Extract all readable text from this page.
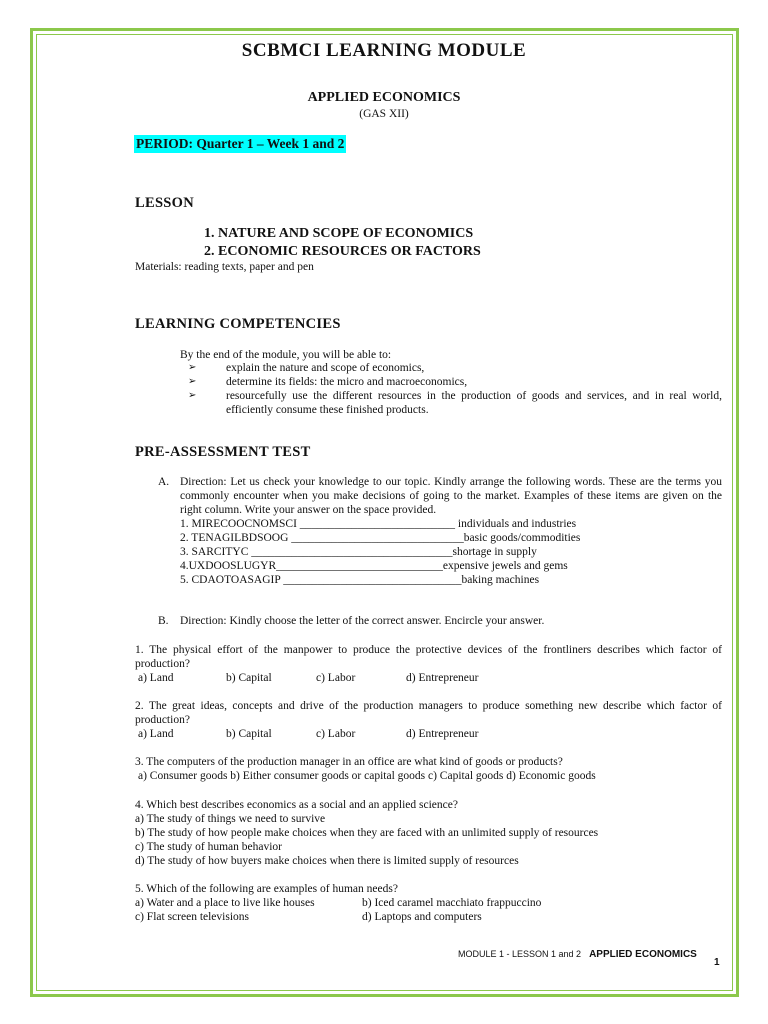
SCBMCI LEARNING MODULE
APPLIED ECONOMICS
(GAS XII)
PERIOD: Quarter 1 – Week 1 and 2
LESSON
1. NATURE AND SCOPE OF ECONOMICS
2. ECONOMIC RESOURCES OR FACTORS
Materials: reading texts, paper and pen
LEARNING COMPETENCIES
By the end of the module, you will be able to:
➢	explain the nature and scope of economics,
➢	determine its fields: the micro and macroeconomics,
➢	resourcefully use the different resources in the production of goods and services, and in real world, efficiently consume these finished products.
PRE-ASSESSMENT TEST
A. Direction: Let us check your knowledge to our topic. Kindly arrange the following words. These are the terms you commonly encounter when you make decisions of going to the market. Examples of these items are given on the right column. Write your answer on the space provided.
1. MIRECOOCNOMSCI ___________________________ individuals and industries
2. TENAGILBDSOOG ______________________________basic goods/commodities
3. SARCITYC ___________________________________shortage in supply
4.UXDOOSLUGYR_____________________________expensive jewels and gems
5. CDAOTOASAGIP _______________________________baking machines
B. Direction: Kindly choose the letter of the correct answer. Encircle your answer.
1. The physical effort of the manpower to produce the protective devices of the frontliners describes which factor of production?
a) Land	b) Capital	c) Labor	d) Entrepreneur
2. The great ideas, concepts and drive of the production managers to produce something new describe which factor of production?
a) Land	b) Capital	c) Labor	d) Entrepreneur
3. The computers of the production manager in an office are what kind of goods or products?
a) Consumer goods b) Either consumer goods or capital goods c) Capital goods d) Economic goods
4. Which best describes economics as a social and an applied science?
a) The study of things we need to survive
b) The study of how people make choices when they are faced with an unlimited supply of resources
c) The study of human behavior
d) The study of how buyers make choices when there is limited supply of resources
5. Which of the following are examples of human needs?
a) Water and a place to live like houses	b) Iced caramel macchiato frappuccino
c) Flat screen televisions	d) Laptops and computers
MODULE 1 - LESSON 1 and 2 APPLIED ECONOMICS
1
